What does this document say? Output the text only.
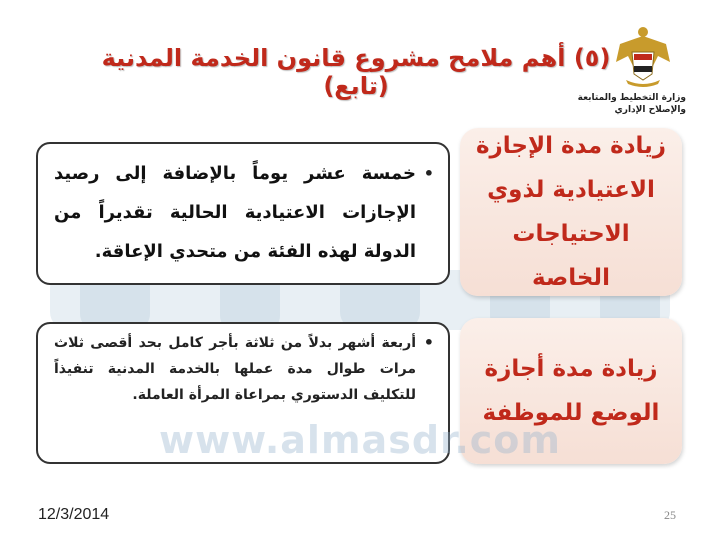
(٥) أهم ملامح مشروع قانون الخدمة المدنية (تابع)	وزارة التخطيط والمتابعة
والإصلاح الإداري
زيادة مدة الإجازة الاعتيادية لذوي الاحتياجات الخاصة
• خمسة عشر يوماً بالإضافة إلى رصيد الإجازات الاعتيادية الحالية تقديراً من الدولة لهذه الفئة من متحدي الإعاقة.
زيادة مدة أجازة الوضع للموظفة
• أربعة أشهر بدلاً من ثلاثة بأجر كامل بحد أقصى ثلاث مرات طوال مدة عملها بالخدمة المدنية تنفيذاً للتكليف الدستوري بمراعاة المرأة العاملة.
www.almasdr.com
12/3/2014	25
